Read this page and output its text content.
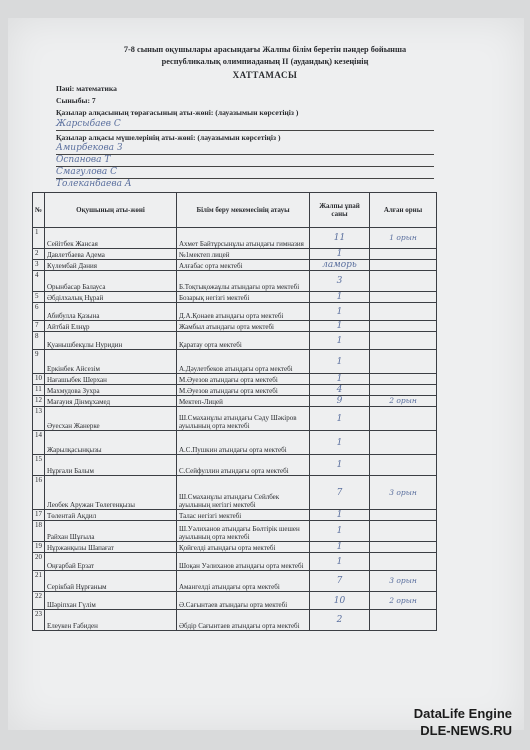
7-8 сынып оқушылары арасындағы Жалпы білім беретін пәндер бойынша
республикалық олимпиаданың ІІ (аудандық) кезеңінің
ХАТТАМАСЫ
Пәні: математика
Сыныбы: 7
Қазылар алқасының төрағасының аты-жөні: (лауазымын көрсетіңіз )
Жарсыбаев С
Қазылар алқасы мүшелерінің аты-жөні: (лауазымын көрсетіңіз )
Амирбекова З
Оспанова Т
Смагулова С
Толеканбаева А
№	Оқушының аты-жөні	Білім беру мекемесінің атауы	Жалпы ұпай саны	Алған орны
1	Сейітбек Жансая	Ахмет Байтұрсынұлы атындағы гимназия	11	1 орын
2	Давлетбаева Адема	№1мектеп лицей	1	
3	Күлембай Дәния	Алғабас орта мектебі	ламорь	
4	Орынбасар Балауса	Б.Тоқтықожаұлы атындағы орта мектебі	3	
5	Әбділхалық Нұрай	Бозарық негізгі мектебі	1	
6	Абибулла Қазына	Д.А.Қонаев атындағы орта мектебі	1	
7	Айтбай Елнұр	Жамбыл атындағы орта мектебі	1	
8	Қуанышбекұлы Нуридин	Қаратау орта мектебі	1	
9	Еркінбек Айсезім	А.Дәулетбеков атындағы орта мектебі	1	
10	Нағашыбек Шерхан	М.Әуезов атындағы орта мектебі	1	
11	Махмудова Зухра	М.Әуезов атындағы орта мектебі	4	
12	Мағауия Дінмұхамед	Мектеп-Лицей	9	2 орын
13	Әуесхан Жанерке	Ш.Смаханұлы атындағы Сәду Шәкіров ауылының орта мектебі	1	
14	Жарылқасынқызы	А.С.Пушкин атындағы орта мектебі	1	
15	Нұрғали Балым	С.Сейфуллин атындағы орта мектебі	1	
16	Леобек Аружан Төлегенқызы	Ш.Смаханұлы атындағы Сейлбек ауылының негізгі мектебі	7	3 орын
17	Төлентай Ақдил	Талас негізгі мектебі	1	
18	Райхан Шұғыла	Ш.Уәлиханов атындағы Бөлтірік шешен ауылының орта мектебі	1	
19	Нұржанқызы Шапағат	Қойгелді атындағы орта мектебі	1	
20	Оңғарбай Ерзат	Шоқан Уәлиханов атындағы орта мектебі	1	
21	Серікбай Нұрғаным	Амангелді атындағы орта мектебі	7	3 орын
22	Шәріпхан Гүлім	Ә.Сағынтаев атындағы орта мектебі	10	2 орын
23	Елеукен Ғабиден	Әбдір Сағынтаев атындағы орта мектебі	2	
DataLife Engine
DLE-NEWS.RU
